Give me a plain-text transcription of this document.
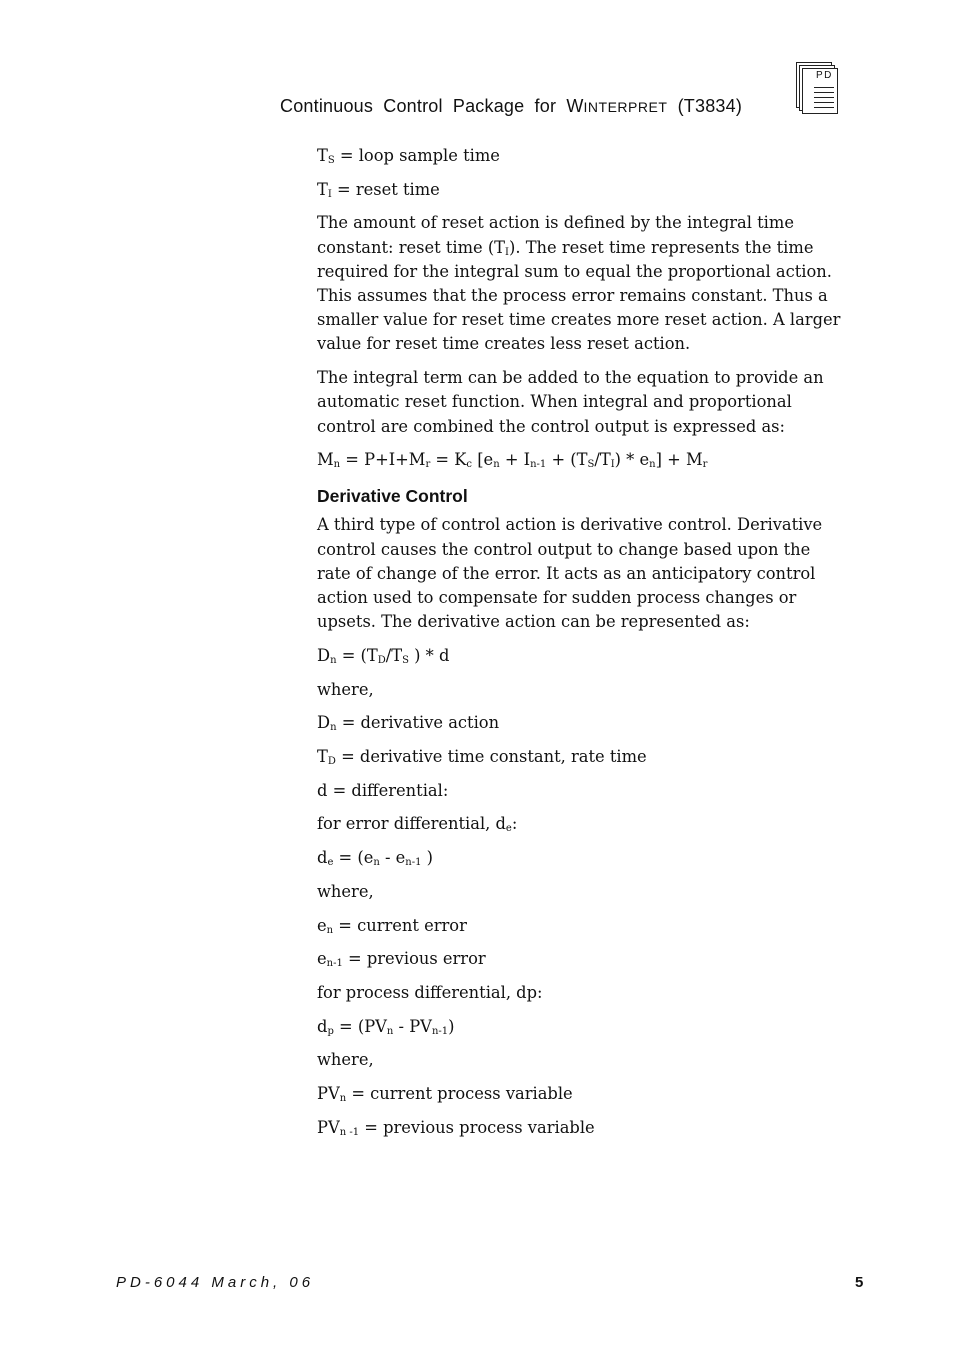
Continuous Control Package for WINTERPRET (T3834)
PD

$T_S$ = loop sample time

$T_I$ = reset time

The amount of reset action is defined by the integral time constant: reset time $(T_I)$. The reset time represents the time required for the integral sum to equal the proportional action. This assumes that the process error remains constant. Thus a smaller value for reset time creates more reset action. A larger value for reset time creates less reset action.

The integral term can be added to the equation to provide an automatic reset function. When integral and proportional control are combined the control output is expressed as:

$M_n = P+I+M_r = K_c$ $[e_n + I_{n-1} + (T_S/T_I) * e_n] + M_r$

Derivative Control

A third type of control action is derivative control. Derivative control causes the control output to change based upon the rate of change of the error. It acts as an anticipatory control action used to compensate for sudden process changes or upsets. The derivative action can be represented as:

$D_n = (T_D/T_S$ ) * d

where,

$D_n$ = derivative action

$T_D$ = derivative time constant, rate time

d = differential:

for error differential, $d_e$:

$d_e = (e_n - e_{n-1}$ )

where,

$e_n$ = current error

$e_{n-1}$ = previous error

for process differential, dp:

$d_p = (PV_n - PV_{n-1})$

where,

$PV_n$ = current process variable

$PV_{n -1}$ = previous process variable

PD-6044 March, 06	5
